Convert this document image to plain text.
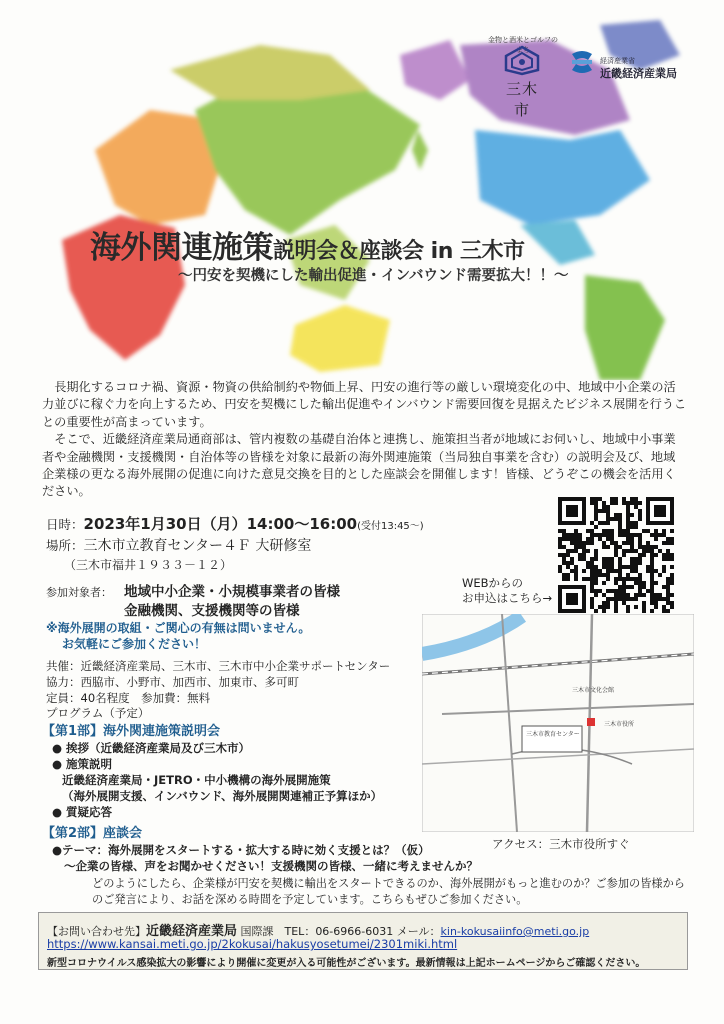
金物と酒米とゴルフのまち
三木市
経済産業省
近畿経済産業局
海外関連施策説明会＆座談会 in 三木市
～円安を契機にした輸出促進・インバウンド需要拡大！！～

長期化するコロナ禍、資源・物資の供給制約や物価上昇、円安の進行等の厳しい環境変化の中、地域中小企業の活力並びに稼ぐ力を向上するため、円安を契機にした輸出促進やインバウンド需要回復を見据えたビジネス展開を行うことの重要性が高まっています。

そこで、近畿経済産業局通商部は、管内複数の基礎自治体と連携し、施策担当者が地域にお伺いし、地域中小事業者や金融機関・支援機関・自治体等の皆様を対象に最新の海外関連施策（当局独自事業を含む）の説明会及び、地域企業様の更なる海外展開の促進に向けた意見交換を目的とした座談会を開催します！皆様、どうぞこの機会を活用ください。

日時：2023年1月30日（月）14:00～16:00(受付13:45～)
場所：三木市立教育センター４Ｆ 大研修室
（三木市福井１９３３－１２）
WEBからの
お申込はこちら→
参加対象者： 地域中小企業・小規模事業者の皆様
金融機関、支援機関等の皆様
※海外展開の取組・ご関心の有無は問いません。
お気軽にご参加ください！
共催：近畿経済産業局、三木市、三木市中小企業サポートセンター
協力：西脇市、小野市、加西市、加東市、多可町
定員：40名程度　参加費：無料
プログラム（予定）
三木市教育センター
三木市文化会館
三木市役所
アクセス：三木市役所すぐ
【第1部】海外関連施策説明会
● 挨拶（近畿経済産業局及び三木市）
● 施策説明
近畿経済産業局・JETRO・中小機構の海外展開施策
（海外展開支援、インバウンド、海外展開関連補正予算ほか）
● 質疑応答
【第2部】座談会
●テーマ：海外展開をスタートする・拡大する時に効く支援とは？（仮）
～企業の皆様、声をお聞かせください！支援機関の皆様、一緒に考えませんか？
どのようにしたら、企業様が円安を契機に輸出をスタートできるのか、海外展開がもっと進むのか？ご参加の皆様からのご発言により、お話を深める時間を予定しています。こちらもぜひご参加ください。
【お問い合わせ先】近畿経済産業局 国際課　 TEL：06-6966-6031 メール：kin-kokusaiinfo@meti.go.jp
https://www.kansai.meti.go.jp/2kokusai/hakusyosetumei/2301miki.html
新型コロナウイルス感染拡大の影響により開催に変更が入る可能性がございます。最新情報は上記ホームページからご確認ください。
